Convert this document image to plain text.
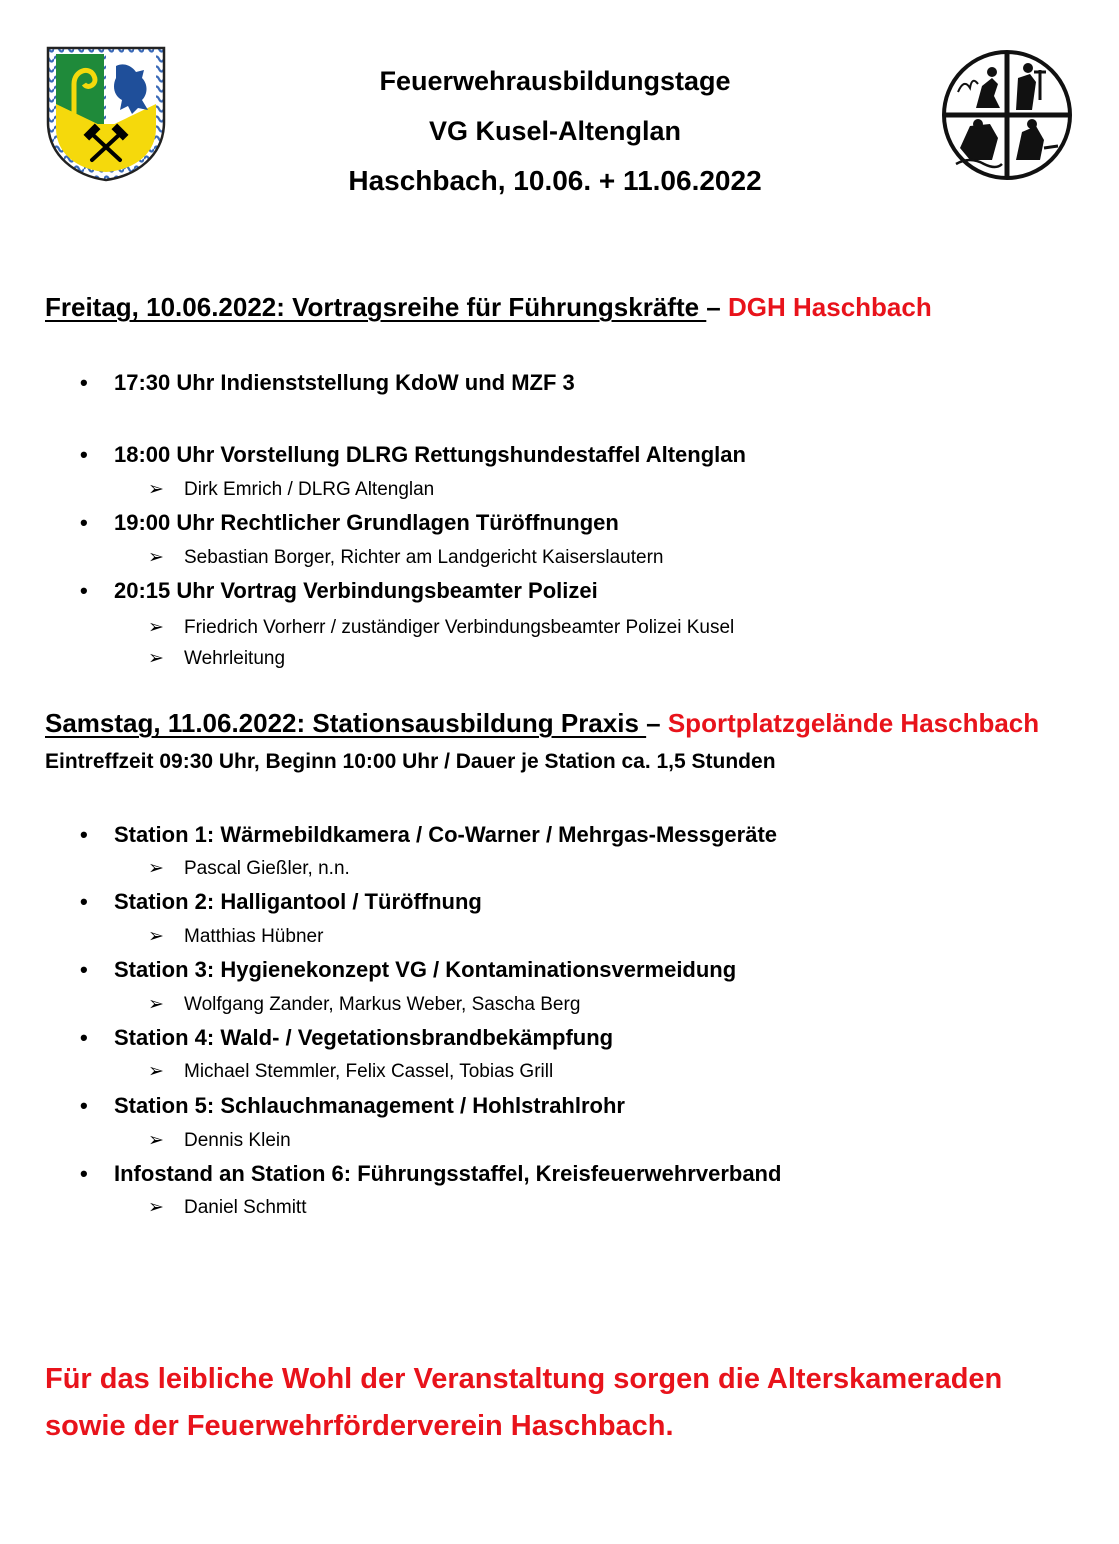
Feuerwehrausbildungstage
VG Kusel-Altenglan
Haschbach, 10.06. + 11.06.2022
Freitag, 10.06.2022: Vortragsreihe für Führungskräfte – DGH Haschbach
• 17:30 Uhr Indienststellung KdoW und MZF 3
• 18:00 Uhr Vorstellung DLRG Rettungshundestaffel Altenglan
➢ Dirk Emrich / DLRG Altenglan
• 19:00 Uhr Rechtlicher Grundlagen Türöffnungen
➢ Sebastian Borger, Richter am Landgericht Kaiserslautern
• 20:15 Uhr Vortrag Verbindungsbeamter Polizei
➢ Friedrich Vorherr / zuständiger Verbindungsbeamter Polizei Kusel
➢ Wehrleitung
Samstag, 11.06.2022: Stationsausbildung Praxis – Sportplatzgelände Haschbach
Eintreffzeit 09:30 Uhr, Beginn 10:00 Uhr / Dauer je Station ca. 1,5 Stunden
• Station 1: Wärmebildkamera / Co-Warner / Mehrgas-Messgeräte
➢ Pascal Gießler, n.n.
• Station 2: Halligantool / Türöffnung
➢ Matthias Hübner
• Station 3: Hygienekonzept VG / Kontaminationsvermeidung
➢ Wolfgang Zander, Markus Weber, Sascha Berg
• Station 4: Wald- / Vegetationsbrandbekämpfung
➢ Michael Stemmler, Felix Cassel, Tobias Grill
• Station 5: Schlauchmanagement / Hohlstrahlrohr
➢ Dennis Klein
• Infostand an Station 6: Führungsstaffel, Kreisfeuerwehrverband
➢ Daniel Schmitt
Für das leibliche Wohl der Veranstaltung sorgen die Alterskameraden
sowie der Feuerwehrförderverein Haschbach.
